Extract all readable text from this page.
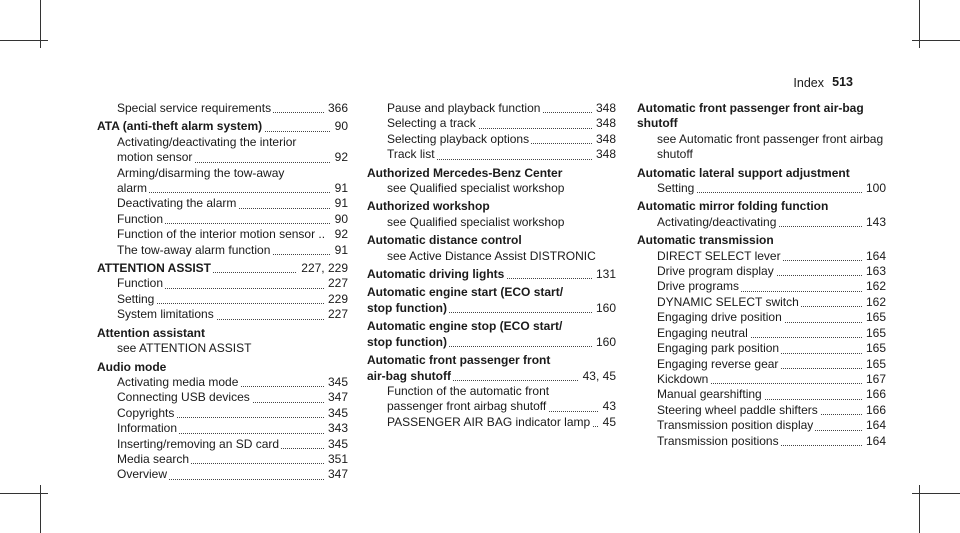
Index 513
Special service requirements	366
ATA (anti-theft alarm system)	90
Activating/deactivating the interior motion sensor	92
Arming/disarming the tow-away alarm	91
Deactivating the alarm	91
Function	90
Function of the interior motion sensor .. 92
The tow-away alarm function	91
ATTENTION ASSIST	227, 229
Function	227
Setting	229
System limitations	227
Attention assistant
see ATTENTION ASSIST
Audio mode
Activating media mode	345
Connecting USB devices	347
Copyrights	345
Information	343
Inserting/removing an SD card	345
Media search	351
Overview	347
Pause and playback function	348
Selecting a track	348
Selecting playback options	348
Track list	348
Authorized Mercedes-Benz Center
see Qualified specialist workshop
Authorized workshop
see Qualified specialist workshop
Automatic distance control
see Active Distance Assist DISTRONIC
Automatic driving lights	131
Automatic engine start (ECO start/ stop function)	160
Automatic engine stop (ECO start/ stop function)	160
Automatic front passenger front air-bag shutoff	43, 45
Function of the automatic front passenger front airbag shutoff	43
PASSENGER AIR BAG indicator lamp	45
Automatic front passenger front air-bag shutoff
see Automatic front passenger front airbag shutoff
Automatic lateral support adjustment
Setting	100
Automatic mirror folding function
Activating/deactivating	143
Automatic transmission
DIRECT SELECT lever	164
Drive program display	163
Drive programs	162
DYNAMIC SELECT switch	162
Engaging drive position	165
Engaging neutral	165
Engaging park position	165
Engaging reverse gear	165
Kickdown	167
Manual gearshifting	166
Steering wheel paddle shifters	166
Transmission position display	164
Transmission positions	164
